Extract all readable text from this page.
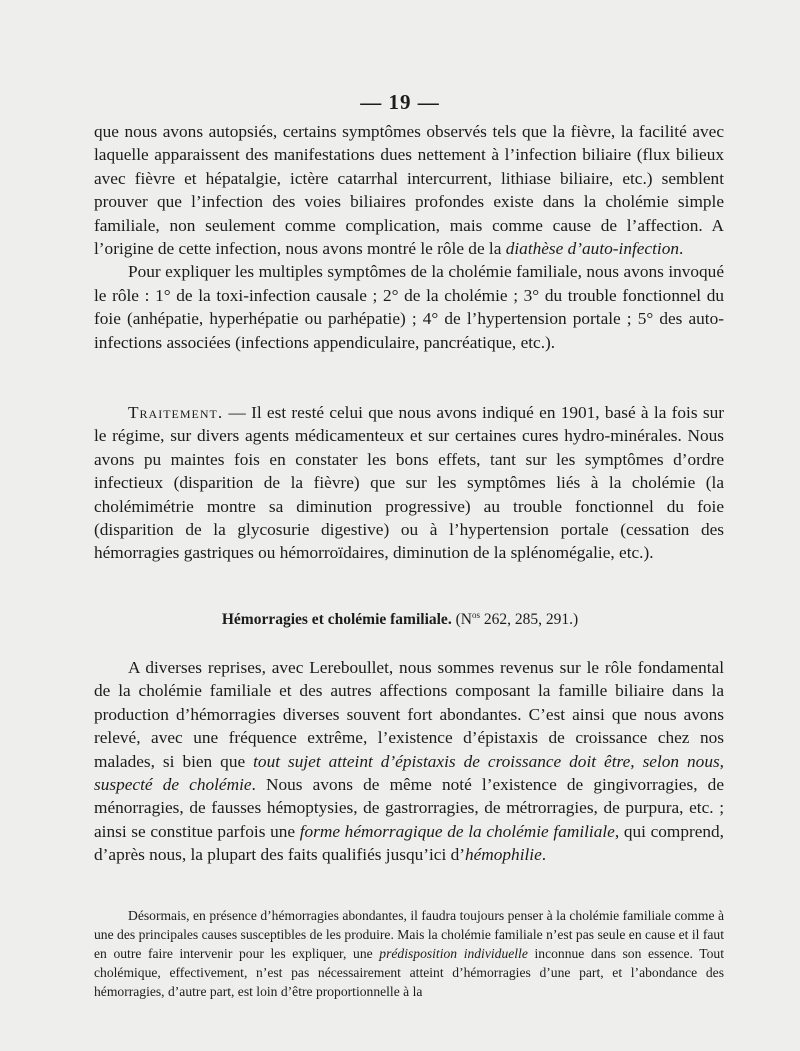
— 19 —

que nous avons autopsiés, certains symptômes observés tels que la fièvre, la facilité avec laquelle apparaissent des manifestations dues nettement à l’infection biliaire (flux bilieux avec fièvre et hépatalgie, ictère catarrhal intercurrent, lithiase biliaire, etc.) semblent prouver que l’infection des voies biliaires profondes existe dans la cholémie simple familiale, non seulement comme complication, mais comme cause de l’affection. A l’origine de cette infection, nous avons montré le rôle de la diathèse d’auto-infection.

Pour expliquer les multiples symptômes de la cholémie familiale, nous avons invoqué le rôle : 1° de la toxi-infection causale ; 2° de la cholémie ; 3° du trouble fonctionnel du foie (anhépatie, hyperhépatie ou parhépatie) ; 4° de l’hypertension portale ; 5° des auto-infections associées (infections appendiculaire, pancréatique, etc.).

Traitement. — Il est resté celui que nous avons indiqué en 1901, basé à la fois sur le régime, sur divers agents médicamenteux et sur certaines cures hydro-minérales. Nous avons pu maintes fois en constater les bons effets, tant sur les symptômes d’ordre infectieux (disparition de la fièvre) que sur les symptômes liés à la cholémie (la cholémimétrie montre sa diminution progressive) au trouble fonctionnel du foie (disparition de la glycosurie digestive) ou à l’hypertension portale (cessation des hémorragies gastriques ou hémorroïdaires, diminution de la splénomégalie, etc.).

Hémorragies et cholémie familiale. ($N^{os}$ 262, 285, 291.)

A diverses reprises, avec Lereboullet, nous sommes revenus sur le rôle fondamental de la cholémie familiale et des autres affections composant la famille biliaire dans la production d’hémorragies diverses souvent fort abondantes. C’est ainsi que nous avons relevé, avec une fréquence extrême, l’existence d’épistaxis de croissance chez nos malades, si bien que tout sujet atteint d’épistaxis de croissance doit être, selon nous, suspecté de cholémie. Nous avons de même noté l’existence de gingivorragies, de ménorragies, de fausses hémoptysies, de gastrorragies, de métrorragies, de purpura, etc. ; ainsi se constitue parfois une forme hémorragique de la cholémie familiale, qui comprend, d’après nous, la plupart des faits qualifiés jusqu’ici d’hémophilie.

Désormais, en présence d’hémorragies abondantes, il faudra toujours penser à la cholémie familiale comme à une des principales causes susceptibles de les produire. Mais la cholémie familiale n’est pas seule en cause et il faut en outre faire intervenir pour les expliquer, une prédisposition individuelle inconnue dans son essence. Tout cholémique, effectivement, n’est pas nécessairement atteint d’hémorragies d’une part, et l’abondance des hémorragies, d’autre part, est loin d’être proportionnelle à la
